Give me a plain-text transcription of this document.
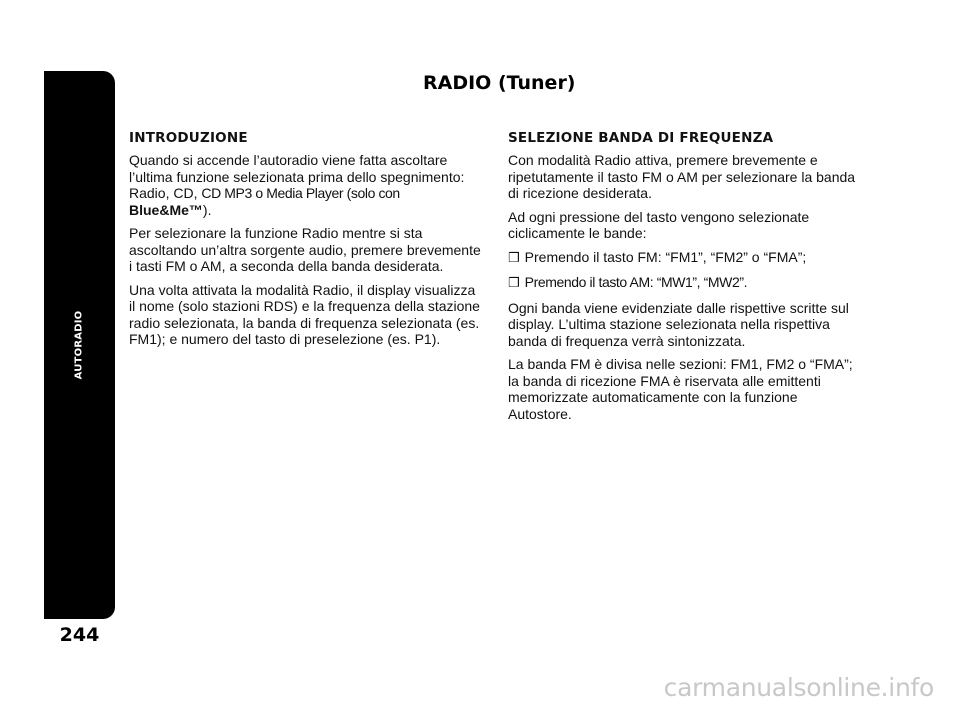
AUTORADIO
244
RADIO (Tuner)
INTRODUZIONE

Quando si accende l’autoradio viene fatta ascoltare l’ultima funzione selezionata prima dello spegnimento: Radio, CD, CD MP3 o Media Player (solo con Blue&Me™).

Per selezionare la funzione Radio mentre si sta ascoltando un’altra sorgente audio, premere brevemente i tasti FM o AM, a seconda della banda desiderata.

Una volta attivata la modalità Radio, il display visualizza il nome (solo stazioni RDS) e la frequenza della stazione radio selezionata, la banda di frequenza selezionata (es. FM1); e numero del tasto di preselezione (es. P1).

SELEZIONE BANDA DI FREQUENZA

Con modalità Radio attiva, premere brevemente e ripetutamente il tasto FM o AM per selezionare la banda di ricezione desiderata.

Ad ogni pressione del tasto vengono selezionate ciclicamente le bande:

❒ Premendo il tasto FM: “FM1”, “FM2” o “FMA”;

❒ Premendo il tasto AM: “MW1”, “MW2”.

Ogni banda viene evidenziate dalle rispettive scritte sul display. L’ultima stazione selezionata nella rispettiva banda di frequenza verrà sintonizzata.

La banda FM è divisa nelle sezioni: FM1, FM2 o “FMA”; la banda di ricezione FMA è riservata alle emittenti memorizzate automaticamente con la funzione Autostore.

carmanualsonline.info
